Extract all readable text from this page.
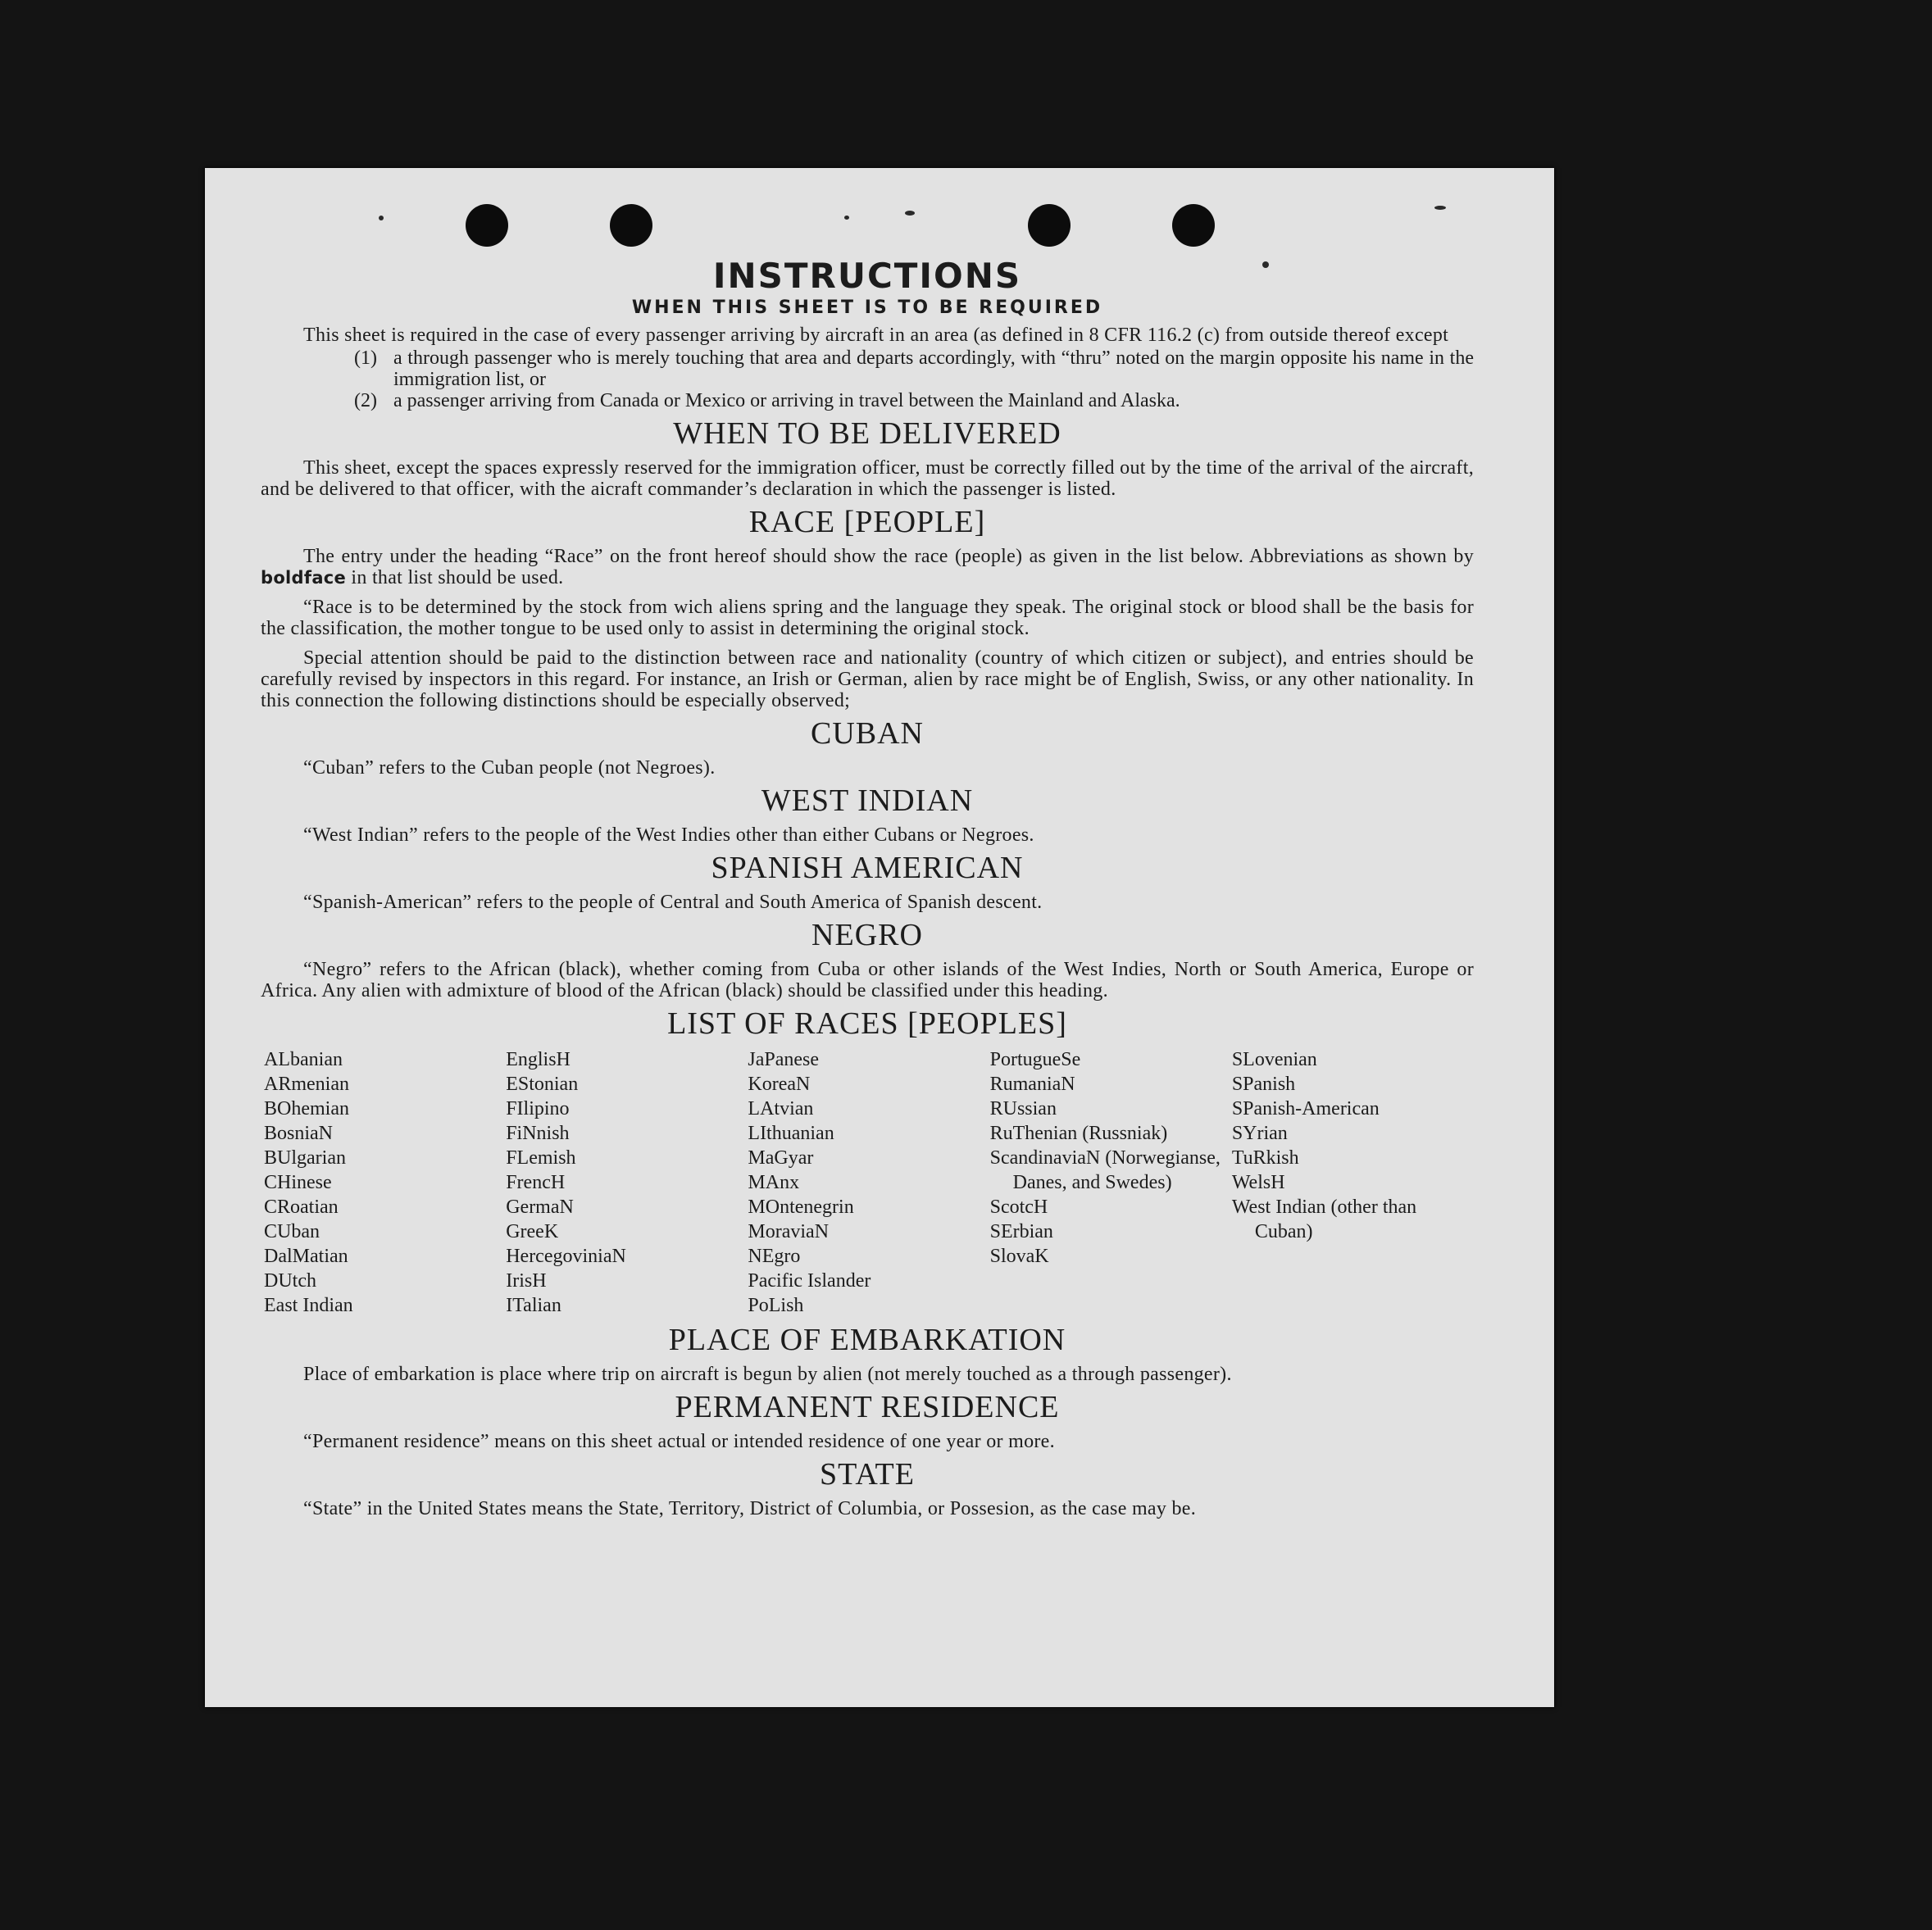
INSTRUCTIONS
WHEN THIS SHEET IS TO BE REQUIRED

This sheet is required in the case of every passenger arriving by aircraft in an area (as defined in 8 CFR 116.2 (c) from outside thereof except

(1) a through passenger who is merely touching that area and departs accordingly, with “thru” noted on the margin opposite his name in the immigration list, or
(2) a passenger arriving from Canada or Mexico or arriving in travel between the Mainland and Alaska.
WHEN TO BE DELIVERED

This sheet, except the spaces expressly reserved for the immigration officer, must be correctly filled out by the time of the arrival of the aircraft, and be delivered to that officer, with the aicraft commander’s declaration in which the passenger is listed.

RACE [PEOPLE]

The entry under the heading “Race” on the front hereof should show the race (people) as given in the list below. Abbreviations as shown by boldface in that list should be used.

“Race is to be determined by the stock from wich aliens spring and the language they speak. The original stock or blood shall be the basis for the classification, the mother tongue to be used only to assist in determining the original stock.

Special attention should be paid to the distinction between race and nationality (country of which citizen or subject), and entries should be carefully revised by inspectors in this regard. For instance, an Irish or German, alien by race might be of English, Swiss, or any other nationality. In this connection the following distinctions should be especially observed;

CUBAN

“Cuban” refers to the Cuban people (not Negroes).

WEST INDIAN

“West Indian” refers to the people of the West Indies other than either Cubans or Negroes.

SPANISH AMERICAN

“Spanish-American” refers to the people of Central and South America of Spanish descent.

NEGRO

“Negro” refers to the African (black), whether coming from Cuba or other islands of the West Indies, North or South America, Europe or Africa. Any alien with admixture of blood of the African (black) should be classified under this heading.

LIST OF RACES [PEOPLES]
ALbanian
ARmenian
BOhemian
BosniaN
BUlgarian
CHinese
CRoatian
CUban
DalMatian
DUtch
East Indian
EnglisH
EStonian
FIlipino
FiNnish
FLemish
FrencH
GermaN
GreeK
HercegoviniaN
IrisH
ITalian
JaPanese
KoreaN
LAtvian
LIthuanian
MaGyar
MAnx
MOntenegrin
MoraviaN
NEgro
Pacific Islander
PoLish
PortugueSe
RumaniaN
RUssian
RuThenian (Russniak)
ScandinaviaN (Norwegianse, Danes, and Swedes)
ScotcH
SErbian
SlovaK
SLovenian
SPanish
SPanish-American
SYrian
TuRkish
WelsH
West Indian (other than Cuban)
PLACE OF EMBARKATION

Place of embarkation is place where trip on aircraft is begun by alien (not merely touched as a through passenger).

PERMANENT RESIDENCE

“Permanent residence” means on this sheet actual or intended residence of one year or more.

STATE

“State” in the United States means the State, Territory, District of Columbia, or Possesion, as the case may be.
